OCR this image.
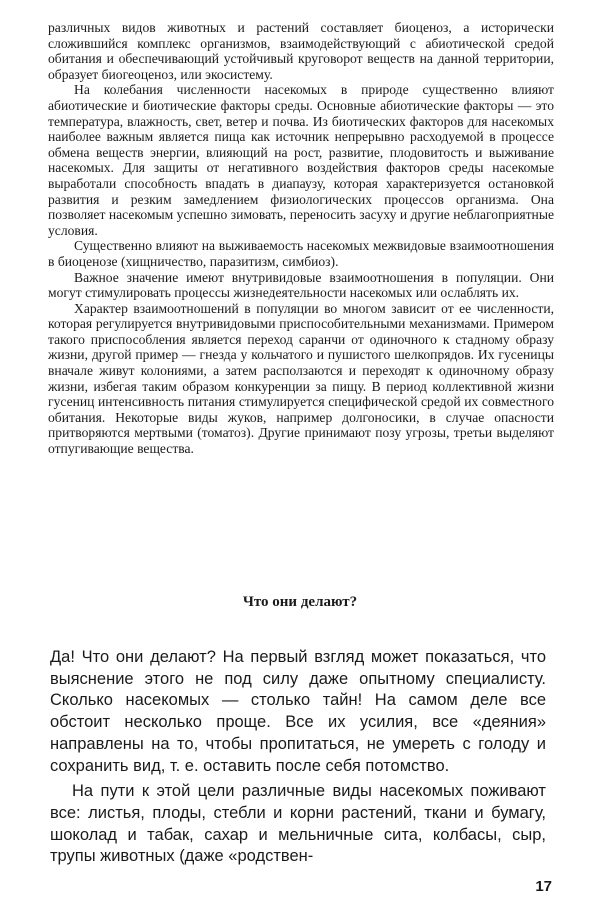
различных видов животных и растений составляет биоценоз, а исторически сложившийся комплекс организмов, взаимодействующий с абиотической средой обитания и обеспечивающий устойчивый круговорот веществ на данной территории, образует биогеоценоз, или экосистему.

На колебания численности насекомых в природе существенно влияют абиотические и биотические факторы среды. Основные абиотические факторы — это температура, влажность, свет, ветер и почва. Из биотических факторов для насекомых наиболее важным является пища как источник непрерывно расходуемой в процессе обмена веществ энергии, влияющий на рост, развитие, плодовитость и выживание насекомых. Для защиты от негативного воздействия факторов среды насекомые выработали способность впадать в диапаузу, которая характеризуется остановкой развития и резким замедлением физиологических процессов организма. Она позволяет насекомым успешно зимовать, переносить засуху и другие неблагоприятные условия.

Существенно влияют на выживаемость насекомых межвидовые взаимоотношения в биоценозе (хищничество, паразитизм, симбиоз).

Важное значение имеют внутривидовые взаимоотношения в популяции. Они могут стимулировать процессы жизнедеятельности насекомых или ослаблять их.

Характер взаимоотношений в популяции во многом зависит от ее численности, которая регулируется внутривидовыми приспособительными механизмами. Примером такого приспособления является переход саранчи от одиночного к стадному образу жизни, другой пример — гнезда у кольчатого и пушистого шелкопрядов. Их гусеницы вначале живут колониями, а затем расползаются и переходят к одиночному образу жизни, избегая таким образом конкуренции за пищу. В период коллективной жизни гусениц интенсивность питания стимулируется специфической средой их совместного обитания. Некоторые виды жуков, например долгоносики, в случае опасности притворяются мертвыми (томатоз). Другие принимают позу угрозы, третьи выделяют отпугивающие вещества.

Что они делают?

Да! Что они делают? На первый взгляд может показаться, что выяснение этого не под силу даже опытному специалисту. Сколько насекомых — столько тайн! На самом деле все обстоит несколько проще. Все их усилия, все «деяния» направлены на то, чтобы пропитаться, не умереть с голоду и сохранить вид, т. е. оставить после себя потомство.

На пути к этой цели различные виды насекомых поживают все: листья, плоды, стебли и корни растений, ткани и бумагу, шоколад и табак, сахар и мельничные сита, колбасы, сыр, трупы животных (даже «родствен-

17
